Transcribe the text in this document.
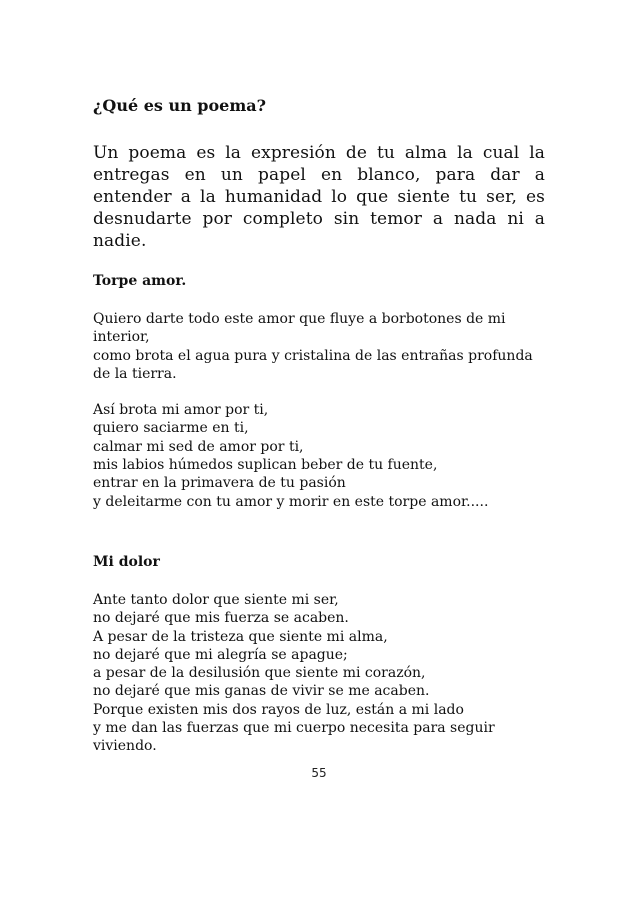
¿Qué es un poema?

Un poema es la expresión de tu alma la cual la entregas en un papel en blanco, para dar a entender a la humanidad lo que siente tu ser, es desnudarte por completo sin temor a nada ni a nadie.

Torpe amor.

Quiero darte todo este amor que fluye a borbotones de mi
interior,
como brota el agua pura y cristalina de las entrañas profunda
de la tierra.

Así brota mi amor por ti,
quiero saciarme en ti,
calmar mi sed de amor por ti,
mis labios húmedos suplican beber de tu fuente,
entrar en la primavera de tu pasión
y deleitarme con tu amor y morir en este torpe amor.....

Mi dolor

Ante tanto dolor que siente mi ser,
no dejaré que mis fuerza se acaben.
A pesar de la tristeza que siente mi alma,
no dejaré que mi alegría se apague;
a pesar de la desilusión que siente mi corazón,
no dejaré que mis ganas de vivir se me acaben.
Porque existen mis dos rayos de luz, están a mi lado
y me dan las fuerzas que mi cuerpo necesita para seguir
viviendo.

55
